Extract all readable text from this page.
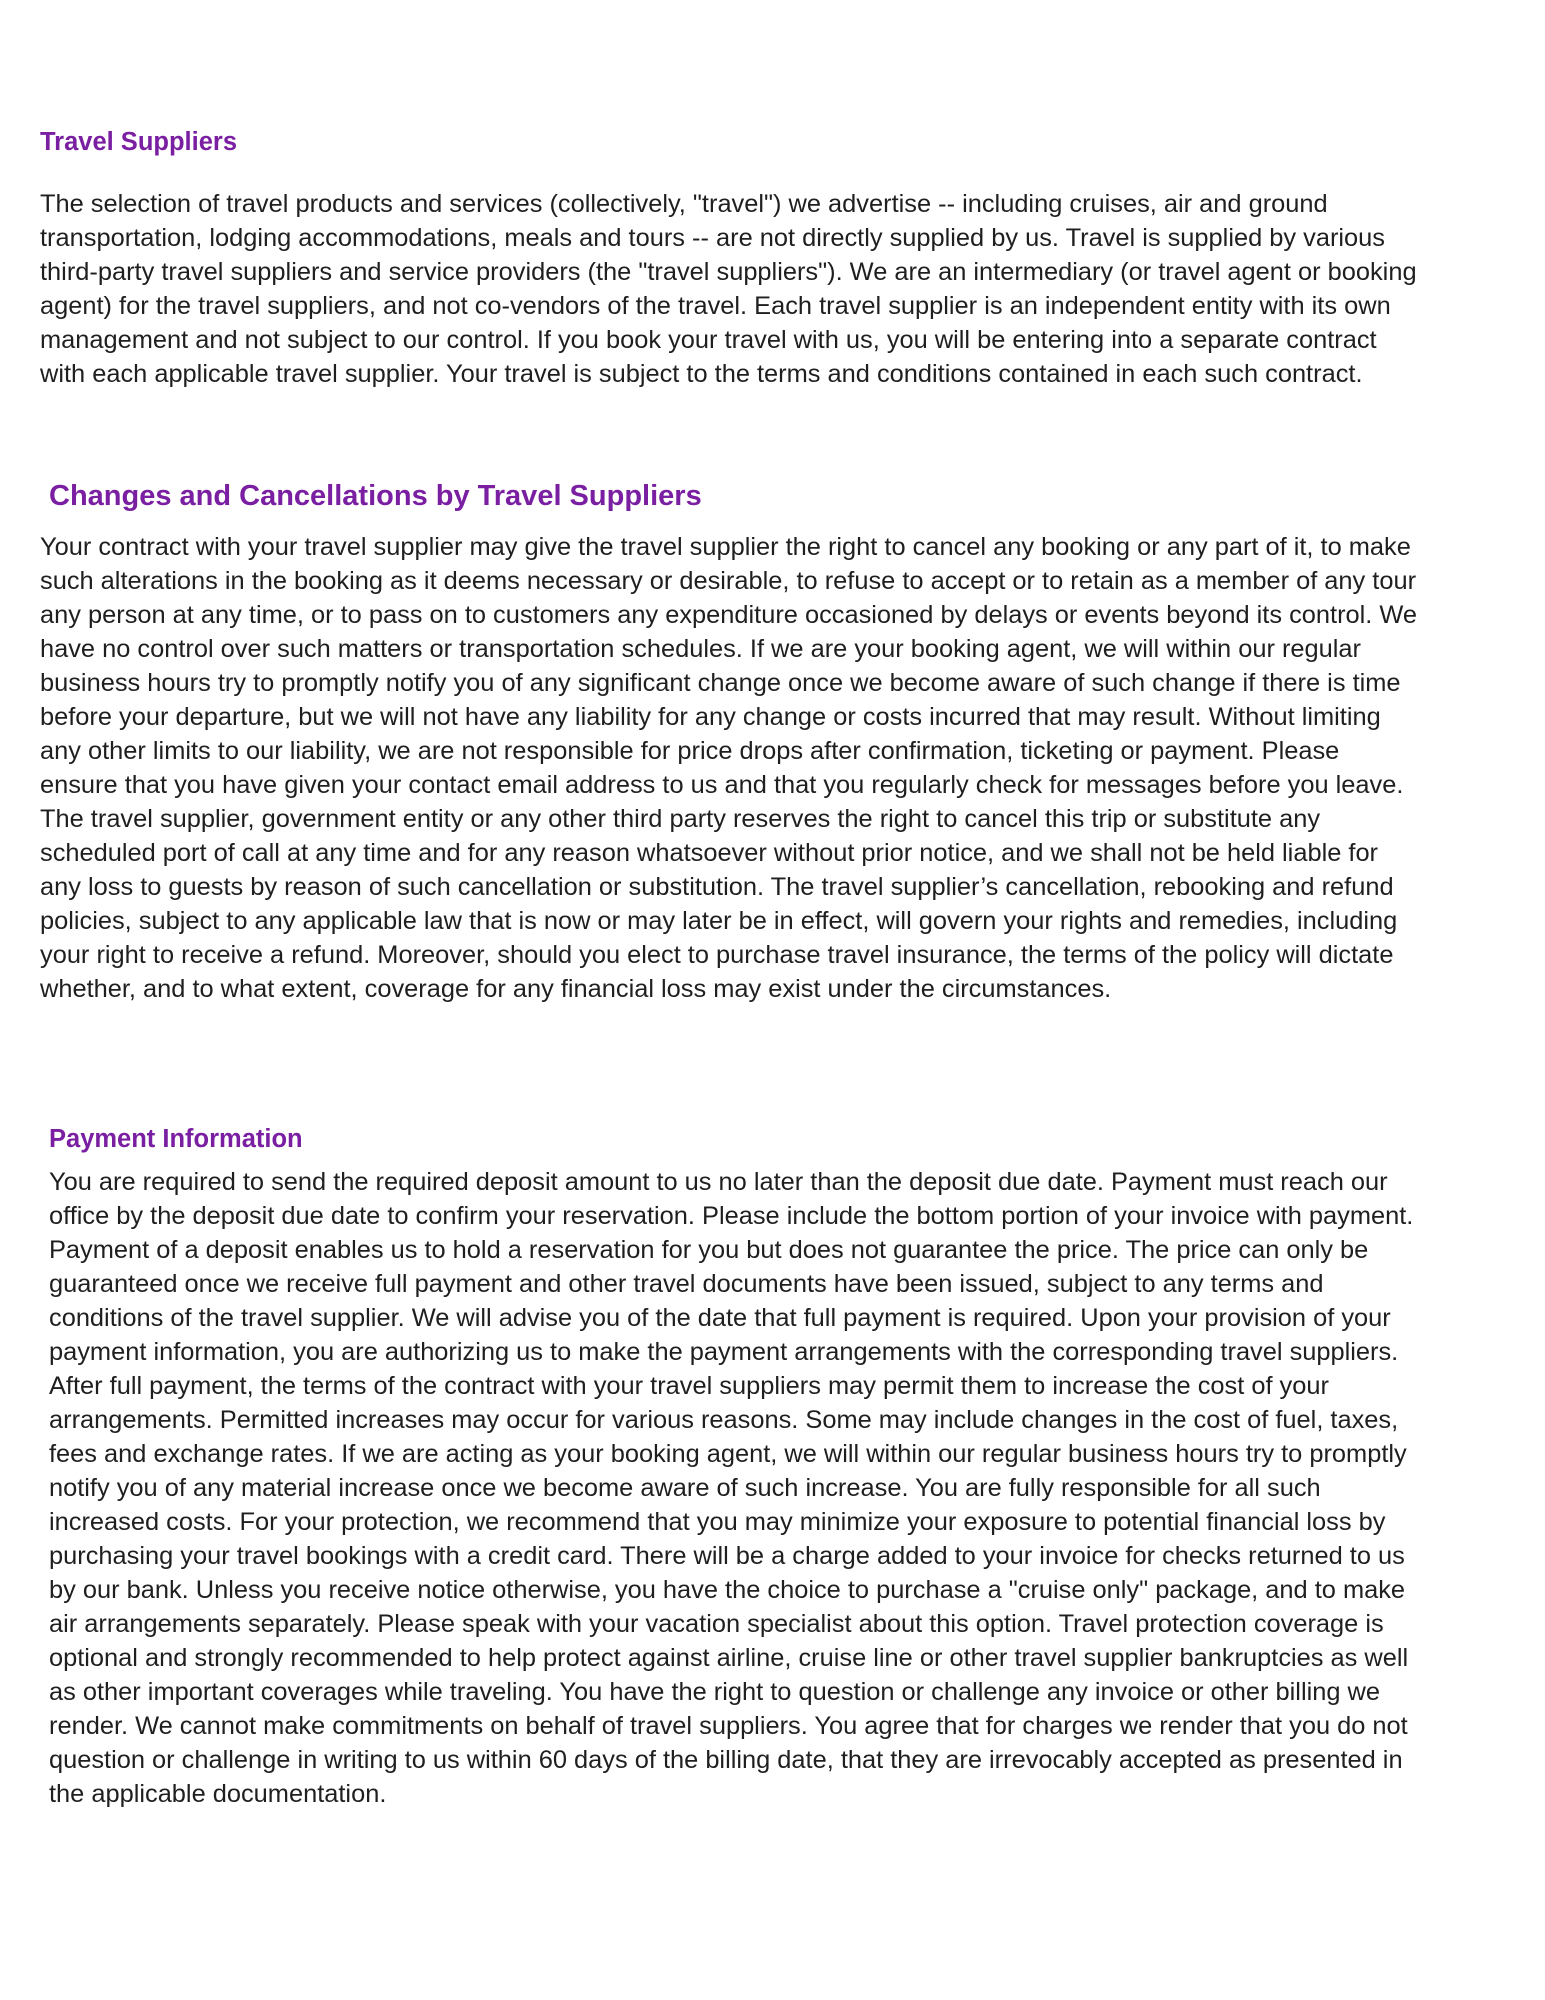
Travel Suppliers

The selection of travel products and services (collectively, "travel") we advertise -- including cruises, air and ground transportation, lodging accommodations, meals and tours -- are not directly supplied by us. Travel is supplied by various third-party travel suppliers and service providers (the "travel suppliers"). We are an intermediary (or travel agent or booking agent) for the travel suppliers, and not co-vendors of the travel. Each travel supplier is an independent entity with its own management and not subject to our control. If you book your travel with us, you will be entering into a separate contract with each applicable travel supplier. Your travel is subject to the terms and conditions contained in each such contract.

Changes and Cancellations by Travel Suppliers

Your contract with your travel supplier may give the travel supplier the right to cancel any booking or any part of it, to make such alterations in the booking as it deems necessary or desirable, to refuse to accept or to retain as a member of any tour any person at any time, or to pass on to customers any expenditure occasioned by delays or events beyond its control. We have no control over such matters or transportation schedules. If we are your booking agent, we will within our regular business hours try to promptly notify you of any significant change once we become aware of such change if there is time before your departure, but we will not have any liability for any change or costs incurred that may result. Without limiting any other limits to our liability, we are not responsible for price drops after confirmation, ticketing or payment. Please ensure that you have given your contact email address to us and that you regularly check for messages before you leave. The travel supplier, government entity or any other third party reserves the right to cancel this trip or substitute any scheduled port of call at any time and for any reason whatsoever without prior notice, and we shall not be held liable for any loss to guests by reason of such cancellation or substitution. The travel supplier’s cancellation, rebooking and refund policies, subject to any applicable law that is now or may later be in effect, will govern your rights and remedies, including your right to receive a refund. Moreover, should you elect to purchase travel insurance, the terms of the policy will dictate whether, and to what extent, coverage for any financial loss may exist under the circumstances.

Payment Information

You are required to send the required deposit amount to us no later than the deposit due date. Payment must reach our office by the deposit due date to confirm your reservation. Please include the bottom portion of your invoice with payment. Payment of a deposit enables us to hold a reservation for you but does not guarantee the price. The price can only be guaranteed once we receive full payment and other travel documents have been issued, subject to any terms and conditions of the travel supplier. We will advise you of the date that full payment is required. Upon your provision of your payment information, you are authorizing us to make the payment arrangements with the corresponding travel suppliers. After full payment, the terms of the contract with your travel suppliers may permit them to increase the cost of your arrangements. Permitted increases may occur for various reasons. Some may include changes in the cost of fuel, taxes, fees and exchange rates. If we are acting as your booking agent, we will within our regular business hours try to promptly notify you of any material increase once we become aware of such increase. You are fully responsible for all such increased costs. For your protection, we recommend that you may minimize your exposure to potential financial loss by purchasing your travel bookings with a credit card. There will be a charge added to your invoice for checks returned to us by our bank. Unless you receive notice otherwise, you have the choice to purchase a "cruise only" package, and to make air arrangements separately. Please speak with your vacation specialist about this option. Travel protection coverage is optional and strongly recommended to help protect against airline, cruise line or other travel supplier bankruptcies as well as other important coverages while traveling. You have the right to question or challenge any invoice or other billing we render. We cannot make commitments on behalf of travel suppliers. You agree that for charges we render that you do not question or challenge in writing to us within 60 days of the billing date, that they are irrevocably accepted as presented in the applicable documentation.
